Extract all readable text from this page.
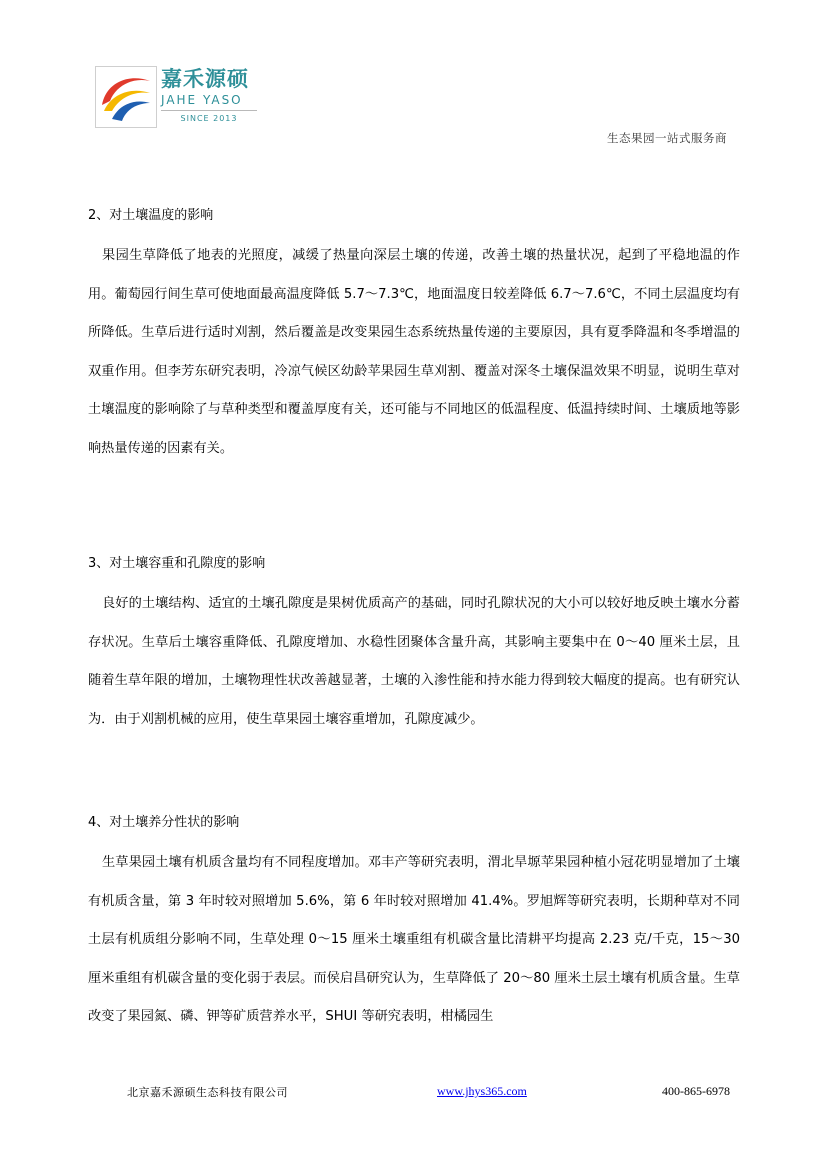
嘉禾源硕
JAHE YASO
SINCE 2013
生态果园一站式服务商
2、对土壤温度的影响

果园生草降低了地表的光照度，减缓了热量向深层土壤的传递，改善土壤的热量状况，起到了平稳地温的作用。葡萄园行间生草可使地面最高温度降低 5.7～7.3℃，地面温度日较差降低 6.7～7.6℃，不同土层温度均有所降低。生草后进行适时刈割，然后覆盖是改变果园生态系统热量传递的主要原因，具有夏季降温和冬季增温的双重作用。但李芳东研究表明，冷凉气候区幼龄苹果园生草刈割、覆盖对深冬土壤保温效果不明显，说明生草对土壤温度的影响除了与草种类型和覆盖厚度有关，还可能与不同地区的低温程度、低温持续时间、土壤质地等影响热量传递的因素有关。

3、对土壤容重和孔隙度的影响

良好的土壤结构、适宜的土壤孔隙度是果树优质高产的基础，同时孔隙状况的大小可以较好地反映土壤水分蓄存状况。生草后土壤容重降低、孔隙度增加、水稳性团聚体含量升高，其影响主要集中在 0～40 厘米土层，且随着生草年限的增加，土壤物理性状改善越显著，土壤的入渗性能和持水能力得到较大幅度的提高。也有研究认为．由于刈割机械的应用，使生草果园土壤容重增加，孔隙度减少。

4、对土壤养分性状的影响

生草果园土壤有机质含量均有不同程度增加。邓丰产等研究表明，渭北旱塬苹果园种植小冠花明显增加了土壤有机质含量，第 3 年时较对照增加 5.6%，第 6 年时较对照增加 41.4%。罗旭辉等研究表明，长期种草对不同土层有机质组分影响不同，生草处理 0～15 厘米土壤重组有机碳含量比清耕平均提高 2.23 克/千克，15～30 厘米重组有机碳含量的变化弱于表层。而侯启昌研究认为，生草降低了 20～80 厘米土层土壤有机质含量。生草改变了果园氮、磷、钾等矿质营养水平，SHUI 等研究表明，柑橘园生

北京嘉禾源硕生态科技有限公司	www.jhys365.com	400-865-6978
